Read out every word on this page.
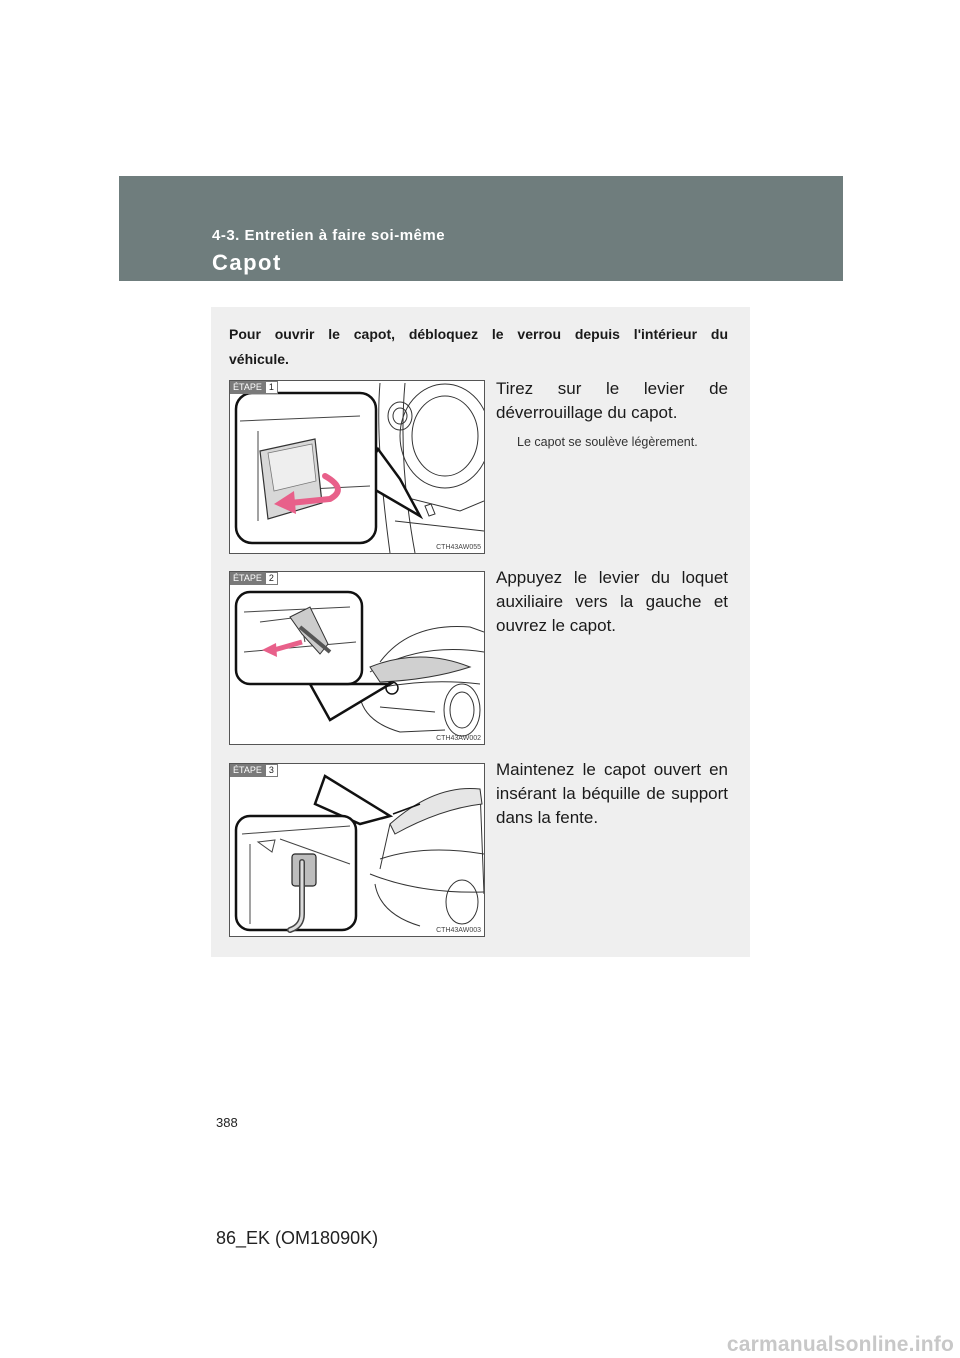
4-3. Entretien à faire soi-même
Capot
Pour ouvrir le capot, débloquez le verrou depuis l'intérieur du véhicule.
ÉTAPE 1
CTH43AW055
Tirez sur le levier de déverrouillage du capot.
Le capot se soulève légèrement.
ÉTAPE 2
CTH43AW002
Appuyez le levier du loquet auxiliaire vers la gauche et ouvrez le capot.
ÉTAPE 3
CTH43AW003
Maintenez le capot ouvert en insérant la béquille de support dans la fente.
388
86_EK (OM18090K)
carmanualsonline.info
